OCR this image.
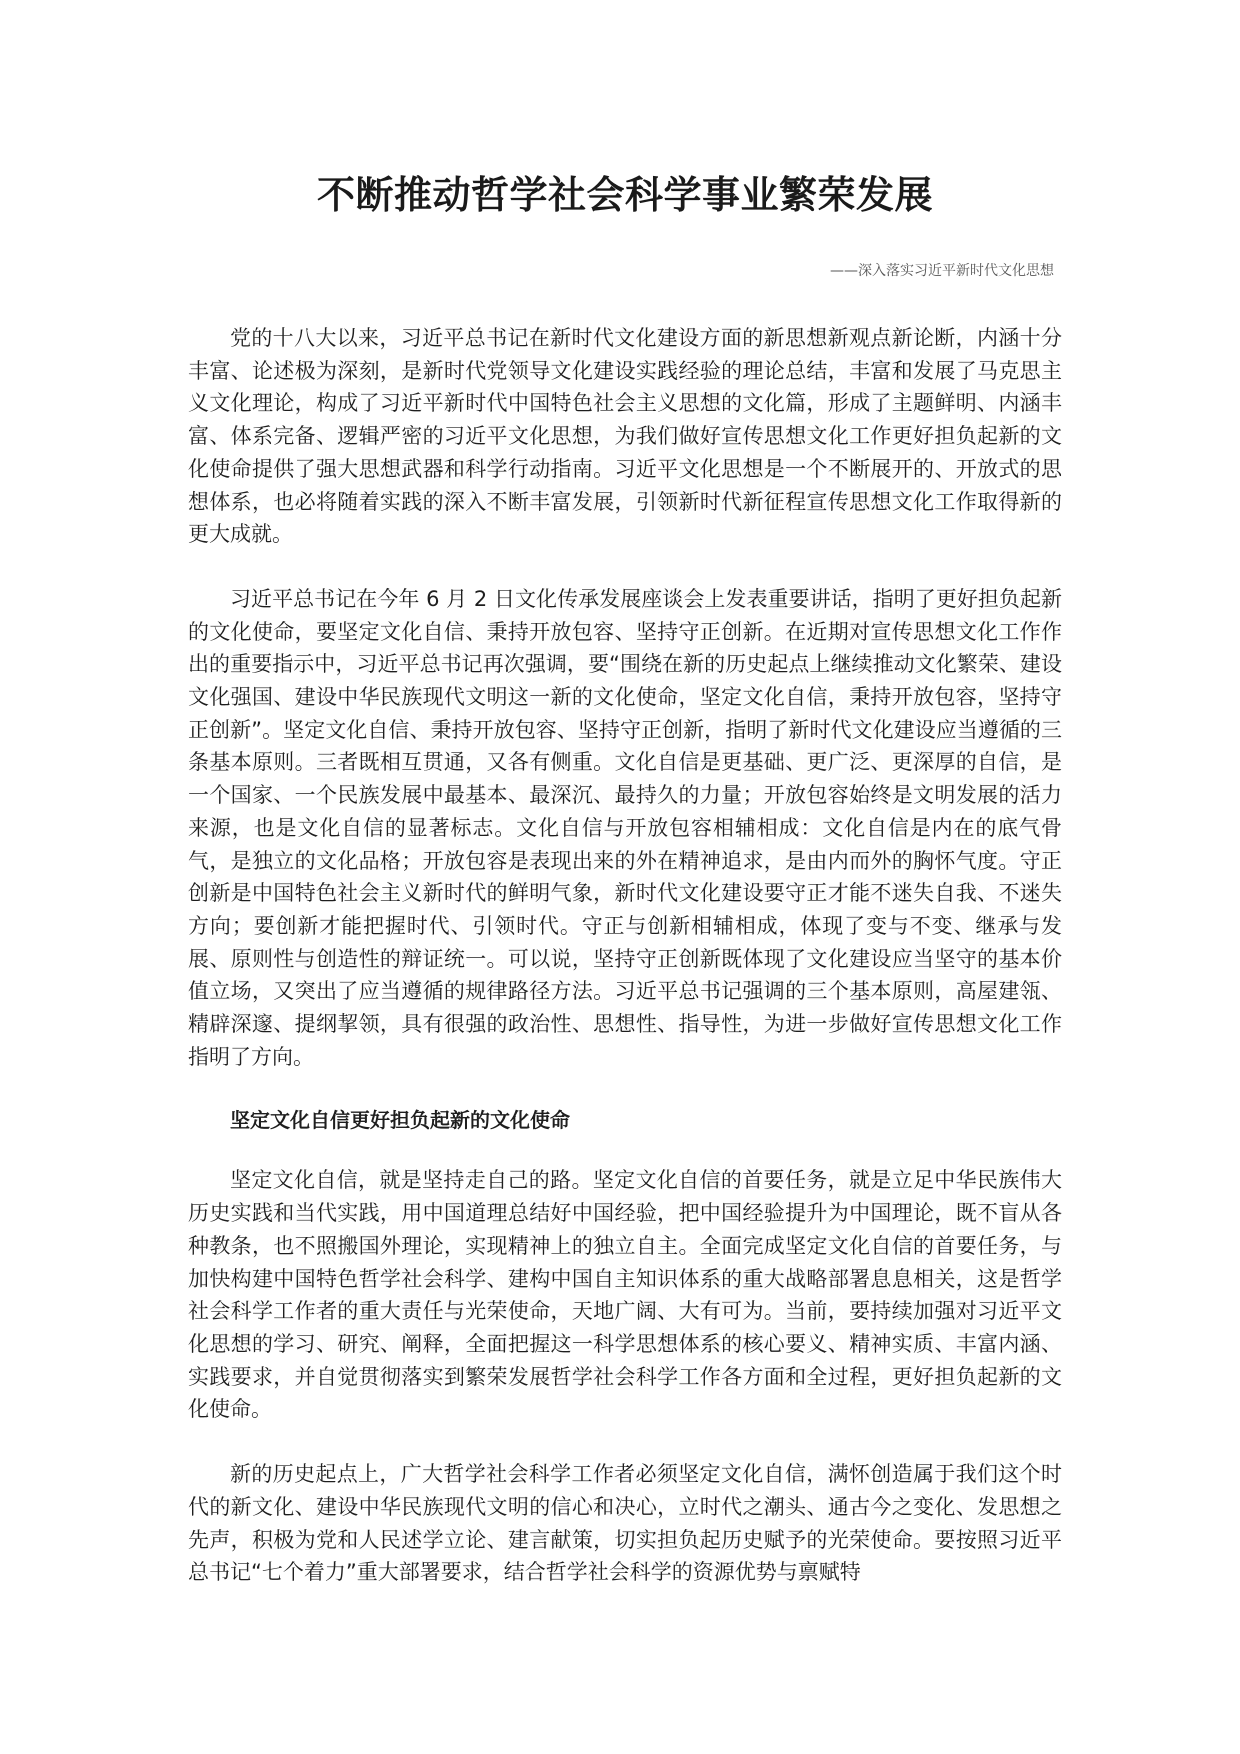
不断推动哲学社会科学事业繁荣发展
——深入落实习近平新时代文化思想

党的十八大以来，习近平总书记在新时代文化建设方面的新思想新观点新论断，内涵十分丰富、论述极为深刻，是新时代党领导文化建设实践经验的理论总结，丰富和发展了马克思主义文化理论，构成了习近平新时代中国特色社会主义思想的文化篇，形成了主题鲜明、内涵丰富、体系完备、逻辑严密的习近平文化思想，为我们做好宣传思想文化工作更好担负起新的文化使命提供了强大思想武器和科学行动指南。习近平文化思想是一个不断展开的、开放式的思想体系，也必将随着实践的深入不断丰富发展，引领新时代新征程宣传思想文化工作取得新的更大成就。

习近平总书记在今年 6 月 2 日文化传承发展座谈会上发表重要讲话，指明了更好担负起新的文化使命，要坚定文化自信、秉持开放包容、坚持守正创新。在近期对宣传思想文化工作作出的重要指示中，习近平总书记再次强调，要“围绕在新的历史起点上继续推动文化繁荣、建设文化强国、建设中华民族现代文明这一新的文化使命，坚定文化自信，秉持开放包容，坚持守正创新”。坚定文化自信、秉持开放包容、坚持守正创新，指明了新时代文化建设应当遵循的三条基本原则。三者既相互贯通，又各有侧重。文化自信是更基础、更广泛、更深厚的自信，是一个国家、一个民族发展中最基本、最深沉、最持久的力量；开放包容始终是文明发展的活力来源，也是文化自信的显著标志。文化自信与开放包容相辅相成：文化自信是内在的底气骨气，是独立的文化品格；开放包容是表现出来的外在精神追求，是由内而外的胸怀气度。守正创新是中国特色社会主义新时代的鲜明气象，新时代文化建设要守正才能不迷失自我、不迷失方向；要创新才能把握时代、引领时代。守正与创新相辅相成，体现了变与不变、继承与发展、原则性与创造性的辩证统一。可以说，坚持守正创新既体现了文化建设应当坚守的基本价值立场，又突出了应当遵循的规律路径方法。习近平总书记强调的三个基本原则，高屋建瓴、精辟深邃、提纲挈领，具有很强的政治性、思想性、指导性，为进一步做好宣传思想文化工作指明了方向。

坚定文化自信更好担负起新的文化使命

坚定文化自信，就是坚持走自己的路。坚定文化自信的首要任务，就是立足中华民族伟大历史实践和当代实践，用中国道理总结好中国经验，把中国经验提升为中国理论，既不盲从各种教条，也不照搬国外理论，实现精神上的独立自主。全面完成坚定文化自信的首要任务，与加快构建中国特色哲学社会科学、建构中国自主知识体系的重大战略部署息息相关，这是哲学社会科学工作者的重大责任与光荣使命，天地广阔、大有可为。当前，要持续加强对习近平文化思想的学习、研究、阐释，全面把握这一科学思想体系的核心要义、精神实质、丰富内涵、实践要求，并自觉贯彻落实到繁荣发展哲学社会科学工作各方面和全过程，更好担负起新的文化使命。

新的历史起点上，广大哲学社会科学工作者必须坚定文化自信，满怀创造属于我们这个时代的新文化、建设中华民族现代文明的信心和决心，立时代之潮头、通古今之变化、发思想之先声，积极为党和人民述学立论、建言献策，切实担负起历史赋予的光荣使命。要按照习近平总书记“七个着力”重大部署要求，结合哲学社会科学的资源优势与禀赋特
